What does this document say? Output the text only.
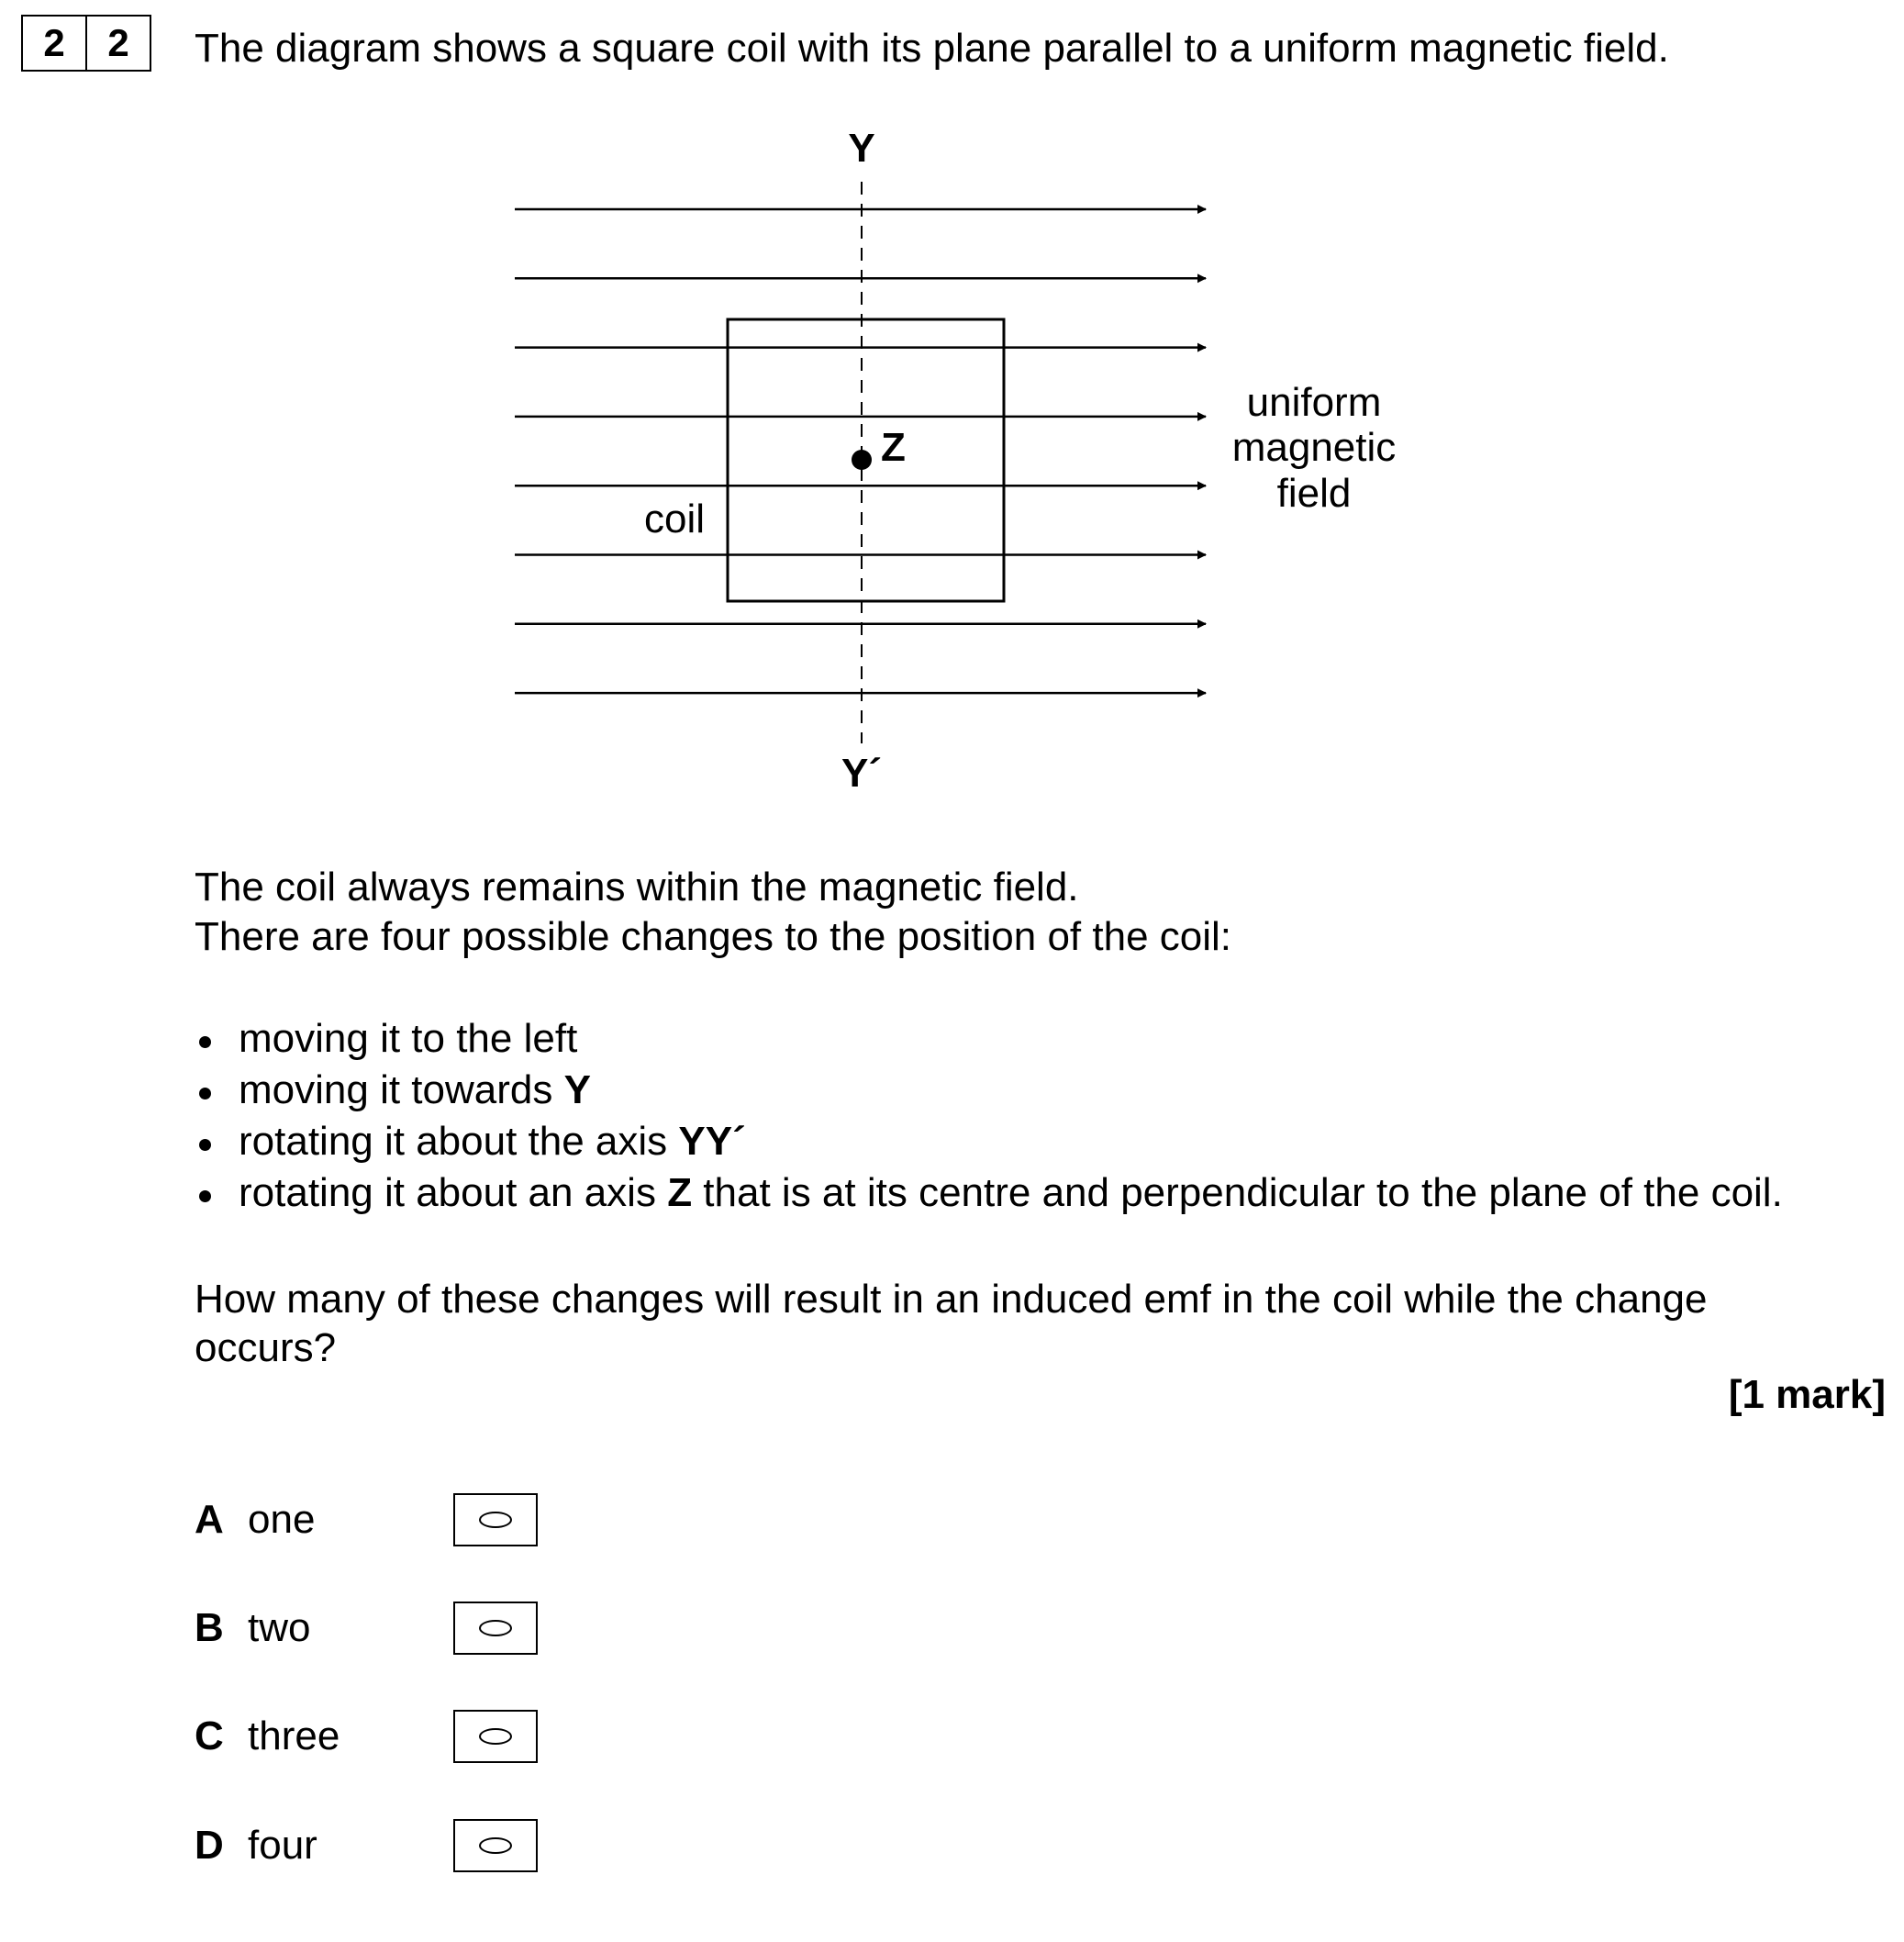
2	2	The diagram shows a square coil with its plane parallel to a uniform magnetic field.
Y
Y´
Z
coil
uniform
magnetic
field
The coil always remains within the magnetic field.
There are four possible changes to the position of the coil:
moving it to the left
moving it towards Y
rotating it about the axis YY´
rotating it about an axis Z that is at its centre and perpendicular to the plane of the coil.
How many of these changes will result in an induced emf in the coil while the change
occurs?
[1 mark]
A one
B two
C three
D four
